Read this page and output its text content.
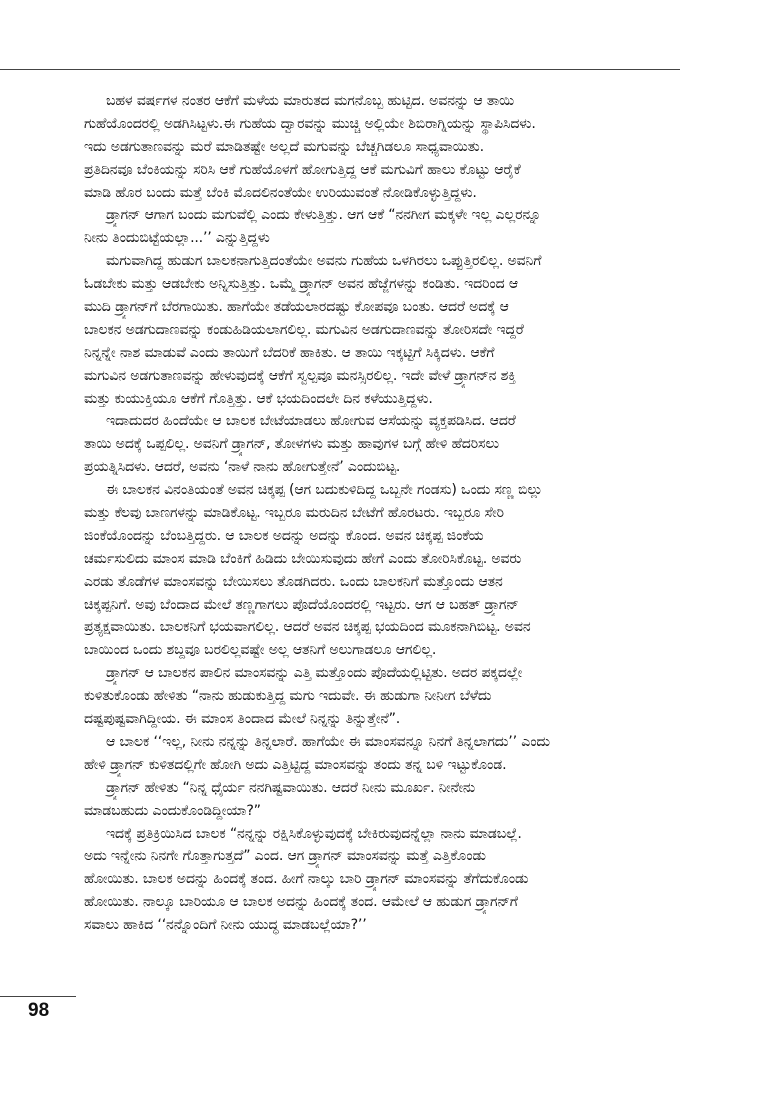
ಬಹಳ ವರ್ಷಗಳ ನಂತರ ಆಕೆಗೆ ಮಳೆಯ ಮಾರುತದ ಮಗನೊಬ್ಬ ಹುಟ್ಟಿದ. ಅವನನ್ನು ಆ ತಾಯಿ
ಗುಹೆಯೊಂದರಲ್ಲಿ ಅಡಗಿಸಿಟ್ಟಳು.ಈ ಗುಹೆಯ ದ್ವಾರವನ್ನು ಮುಚ್ಚಿ ಅಲ್ಲಿಯೇ ಶಿಬಿರಾಗ್ನಿಯನ್ನು ಸ್ಥಾಪಿಸಿದಳು.
ಇದು ಅಡಗುತಾಣವನ್ನು ಮರೆ ಮಾಡಿತಷ್ಟೇ ಅಲ್ಲದೆ ಮಗುವನ್ನು ಬೆಚ್ಚಗಿಡಲೂ ಸಾಧ್ಯವಾಯಿತು.
ಪ್ರತಿದಿನವೂ ಬೆಂಕಿಯನ್ನು ಸರಿಸಿ ಆಕೆ ಗುಹೆಯೊಳಗೆ ಹೋಗುತ್ತಿದ್ದ ಆಕೆ ಮಗುವಿಗೆ ಹಾಲು ಕೊಟ್ಟು ಆರೈಕೆ
ಮಾಡಿ ಹೊರ ಬಂದು ಮತ್ತೆ ಬೆಂಕಿ ಮೊದಲಿನಂತೆಯೇ ಉರಿಯುವಂತೆ ನೋಡಿಕೊಳ್ಳುತ್ತಿದ್ದಳು.
ಡ್ರ್ಯಾಗನ್ ಆಗಾಗ ಬಂದು ಮಗುವೆಲ್ಲಿ ಎಂದು ಕೇಳುತ್ತಿತ್ತು. ಆಗ ಆಕೆ “ನನಗೀಗ ಮಕ್ಕಳೇ ಇಲ್ಲ ಎಲ್ಲರನ್ನೂ
ನೀನು ತಿಂದುಬಿಟ್ಟೆಯಲ್ಲಾ...’’ ಎನ್ನುತ್ತಿದ್ದಳು
ಮಗುವಾಗಿದ್ದ ಹುಡುಗ ಬಾಲಕನಾಗುತ್ತಿದಂತೆಯೇ ಅವನು ಗುಹೆಯ ಒಳಗಿರಲು ಒಪ್ಪುತ್ತಿರಲಿಲ್ಲ. ಅವನಿಗೆ
ಓಡಬೇಕು ಮತ್ತು ಆಡಬೇಕು ಅನ್ನಿಸುತ್ತಿತ್ತು. ಒಮ್ಮೆ ಡ್ರ್ಯಾಗನ್ ಅವನ ಹೆಜ್ಜೆಗಳನ್ನು ಕಂಡಿತು. ಇದರಿಂದ ಆ
ಮುದಿ ಡ್ರ್ಯಾಗನ್‌ಗೆ ಬೆರಗಾಯಿತು. ಹಾಗೆಯೇ ತಡೆಯಲಾರದಷ್ಟು ಕೋಪವೂ ಬಂತು. ಆದರೆ ಅದಕ್ಕೆ ಆ
ಬಾಲಕನ ಅಡಗುದಾಣವನ್ನು ಕಂಡುಹಿಡಿಯಲಾಗಲಿಲ್ಲ. ಮಗುವಿನ ಅಡಗುದಾಣವನ್ನು ತೋರಿಸದೇ ಇದ್ದರೆ
ನಿನ್ನನ್ನೇ ನಾಶ ಮಾಡುವೆ ಎಂದು ತಾಯಿಗೆ ಬೆದರಿಕೆ ಹಾಕಿತು. ಆ ತಾಯಿ ಇಕ್ಕಟ್ಟಿಗೆ ಸಿಕ್ಕಿದಳು. ಆಕೆಗೆ
ಮಗುವಿನ ಅಡಗುತಾಣವನ್ನು ಹೇಳುವುದಕ್ಕೆ ಆಕೆಗೆ ಸ್ವಲ್ಪವೂ ಮನಸ್ಸಿರಲಿಲ್ಲ. ಇದೇ ವೇಳೆ ಡ್ರ್ಯಾಗನ್‌ನ ಶಕ್ತಿ
ಮತ್ತು ಕುಯುಕ್ತಿಯೂ ಆಕೆಗೆ ಗೊತ್ತಿತ್ತು. ಆಕೆ ಭಯದಿಂದಲೇ ದಿನ ಕಳೆಯುತ್ತಿದ್ದಳು.
ಇದಾದುದರ ಹಿಂದೆಯೇ ಆ ಬಾಲಕ ಬೇಟೆಯಾಡಲು ಹೋಗುವ ಆಸೆಯನ್ನು ವ್ಯಕ್ತಪಡಿಸಿದ. ಆದರೆ
ತಾಯಿ ಅದಕ್ಕೆ ಒಪ್ಪಲಿಲ್ಲ. ಅವನಿಗೆ ಡ್ರ್ಯಾಗನ್, ತೋಳಗಳು ಮತ್ತು ಹಾವುಗಳ ಬಗ್ಗೆ ಹೇಳಿ ಹೆದರಿಸಲು
ಪ್ರಯತ್ನಿಸಿದಳು. ಆದರೆ, ಅವನು ‘ನಾಳೆ ನಾನು ಹೋಗುತ್ತೇನೆ’ ಎಂದುಬಿಟ್ಟ.
ಈ ಬಾಲಕನ ವಿನಂತಿಯಂತೆ ಅವನ ಚಿಕ್ಕಪ್ಪ (ಆಗ ಬದುಕುಳಿದಿದ್ದ ಒಬ್ಬನೇ ಗಂಡಸು) ಒಂದು ಸಣ್ಣ ಬಿಲ್ಲು
ಮತ್ತು ಕೆಲವು ಬಾಣಗಳನ್ನು ಮಾಡಿಕೊಟ್ಟ. ಇಬ್ಬರೂ ಮರುದಿನ ಬೇಟೆಗೆ ಹೊರಟರು. ಇಬ್ಬರೂ ಸೇರಿ
ಜಿಂಕೆಯೊಂದನ್ನು ಬೆಂಬತ್ತಿದ್ದರು. ಆ ಬಾಲಕ ಅದನ್ನು ಅದನ್ನು ಕೊಂದ. ಅವನ ಚಿಕ್ಕಪ್ಪ ಜಿಂಕೆಯ
ಚರ್ಮಸುಲಿದು ಮಾಂಸ ಮಾಡಿ ಬೆಂಕಿಗೆ ಹಿಡಿದು ಬೇಯಿಸುವುದು ಹೇಗೆ ಎಂದು ತೋರಿಸಿಕೊಟ್ಟ. ಅವರು
ಎರಡು ತೊಡೆಗಳ ಮಾಂಸವನ್ನು ಬೇಯಿಸಲು ತೊಡಗಿದರು. ಒಂದು ಬಾಲಕನಿಗೆ ಮತ್ತೊಂದು ಆತನ
ಚಿಕ್ಕಪ್ಪನಿಗೆ. ಅವು ಬೆಂದಾದ ಮೇಲೆ ತಣ್ಣಗಾಗಲು ಪೊದೆಯೊಂದರಲ್ಲಿ ಇಟ್ಟರು. ಆಗ ಆ ಬಹತ್ ಡ್ರ್ಯಾಗನ್
ಪ್ರತ್ಯಕ್ಷವಾಯಿತು. ಬಾಲಕನಿಗೆ ಭಯವಾಗಲಿಲ್ಲ. ಆದರೆ ಅವನ ಚಿಕ್ಕಪ್ಪ ಭಯದಿಂದ ಮೂಕನಾಗಿಬಿಟ್ಟ. ಅವನ
ಬಾಯಿಂದ ಒಂದು ಶಬ್ದವೂ ಬರಲಿಲ್ಲವಷ್ಟೇ ಅಲ್ಲ ಆತನಿಗೆ ಅಲುಗಾಡಲೂ ಆಗಲಿಲ್ಲ.
ಡ್ರ್ಯಾಗನ್ ಆ ಬಾಲಕನ ಪಾಲಿನ ಮಾಂಸವನ್ನು ಎತ್ತಿ ಮತ್ತೊಂದು ಪೊದೆಯಲ್ಲಿಟ್ಟಿತು. ಅದರ ಪಕ್ಕದಲ್ಲೇ
ಕುಳಿತುಕೊಂಡು ಹೇಳಿತು “ನಾನು ಹುಡುಕುತ್ತಿದ್ದ ಮಗು ಇದುವೇ. ಈ ಹುಡುಗಾ ನೀನೀಗ ಬೆಳೆದು
ದಷ್ಟಪುಷ್ಟವಾಗಿದ್ದೀಯ. ಈ ಮಾಂಸ ತಿಂದಾದ ಮೇಲೆ ನಿನ್ನನ್ನು ತಿನ್ನುತ್ತೇನೆ”.
ಆ ಬಾಲಕ ‘‘ಇಲ್ಲ, ನೀನು ನನ್ನನ್ನು ತಿನ್ನಲಾರೆ. ಹಾಗೆಯೇ ಈ ಮಾಂಸವನ್ನೂ ನಿನಗೆ ತಿನ್ನಲಾಗದು’’ ಎಂದು
ಹೇಳಿ ಡ್ರ್ಯಾಗನ್ ಕುಳಿತದಲ್ಲಿಗೇ ಹೋಗಿ ಅದು ಎತ್ತಿಟ್ಟಿದ್ದ ಮಾಂಸವನ್ನು ತಂದು ತನ್ನ ಬಳಿ ಇಟ್ಟುಕೊಂಡ.
ಡ್ರ್ಯಾಗನ್ ಹೇಳಿತು “ನಿನ್ನ ಧೈರ್ಯ ನನಗಿಷ್ಟವಾಯಿತು. ಆದರೆ ನೀನು ಮೂರ್ಖ. ನೀನೇನು
ಮಾಡಬಹುದು ಎಂದುಕೊಂಡಿದ್ದೀಯಾ?”
ಇದಕ್ಕೆ ಪ್ರತಿಕ್ರಿಯಿಸಿದ ಬಾಲಕ “ನನ್ನನ್ನು ರಕ್ಷಿಸಿಕೊಳ್ಳುವುದಕ್ಕೆ ಬೇಕಿರುವುದನ್ನೆಲ್ಲಾ ನಾನು ಮಾಡಬಲ್ಲೆ.
ಅದು ಇನ್ನೇನು ನಿನಗೇ ಗೊತ್ತಾಗುತ್ತದೆ” ಎಂದ. ಆಗ ಡ್ರ್ಯಾಗನ್ ಮಾಂಸವನ್ನು ಮತ್ತೆ ಎತ್ತಿಕೊಂಡು
ಹೋಯಿತು. ಬಾಲಕ ಅದನ್ನು ಹಿಂದಕ್ಕೆ ತಂದ. ಹೀಗೆ ನಾಲ್ಕು ಬಾರಿ ಡ್ರ್ಯಾಗನ್ ಮಾಂಸವನ್ನು ತೆಗೆದುಕೊಂಡು
ಹೋಯಿತು. ನಾಲ್ಕೂ ಬಾರಿಯೂ ಆ ಬಾಲಕ ಅದನ್ನು ಹಿಂದಕ್ಕೆ ತಂದ. ಆಮೇಲೆ ಆ ಹುಡುಗ ಡ್ರ್ಯಾಗನ್‌ಗೆ
ಸವಾಲು ಹಾಕಿದ ‘‘ನನ್ನೊಂದಿಗೆ ನೀನು ಯುದ್ಧ ಮಾಡಬಲ್ಲೆಯಾ?’’
98
